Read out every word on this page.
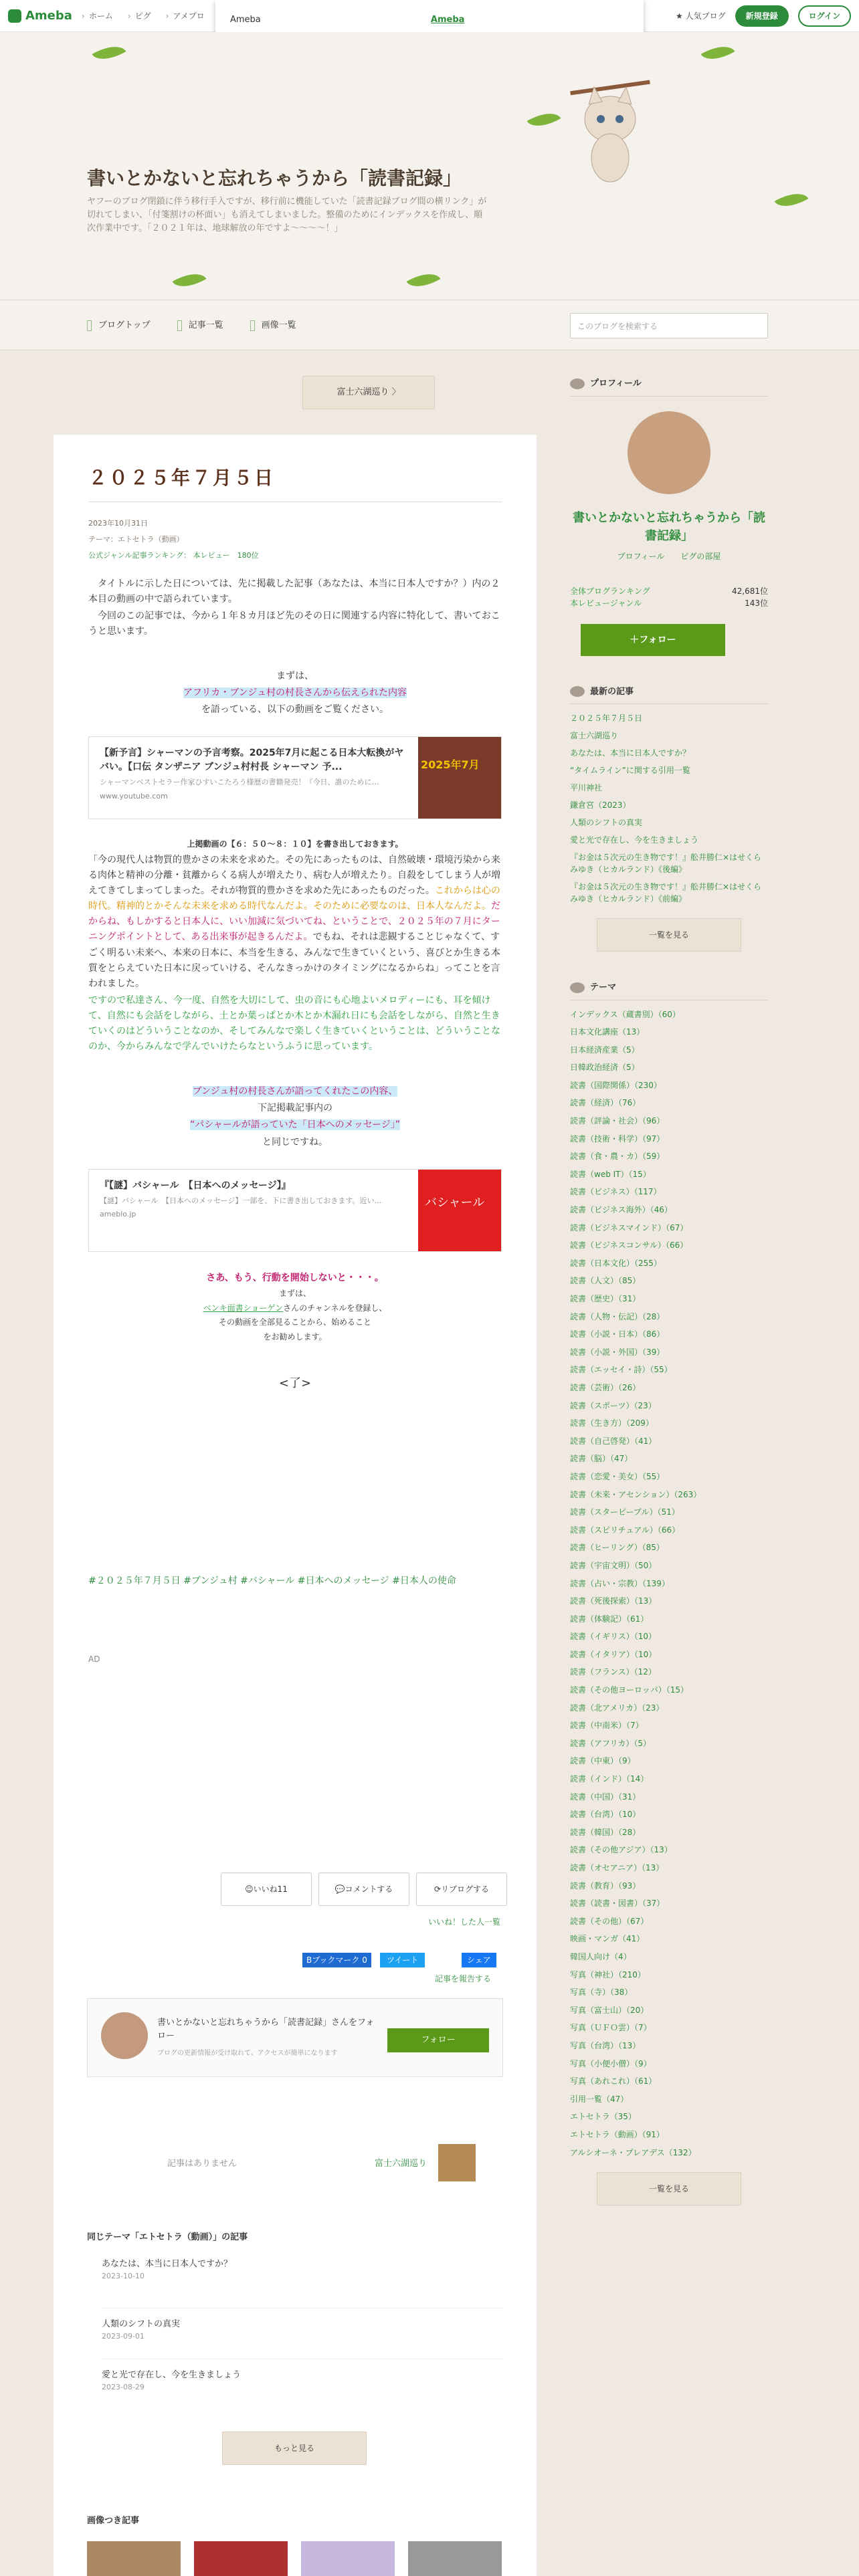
Ameba	› ホーム	› ピグ	› アメプロ	★ 人気ブログ	新規登録	ログイン
Ameba	Ameba
書いとかないと忘れちゃうから「読書記録」
ヤフーのブログ閉鎖に伴う移行手入ですが、移行前に機能していた「読書記録ブログ間の横リンク」が切れてしまい、「付箋割けの杯面い」も消えてしまいました。整備のためにインデックスを作成し、順次作業中です。「２０２１年は、地球解放の年ですよ～～～～！」
ブログトップ	記事一覧	画像一覧	このブログを検索する
富士六湖巡り 〉
２０２５年７月５日
2023年10月31日
テーマ：エトセトラ（動画）
公式ジャンル記事ランキング： 本レビュー　180位

　タイトルに示した日については、先に掲載した記事（あなたは、本当に日本人ですか？）内の２本目の動画の中で語られています。

　今回のこの記事では、今から１年８カ月ほど先のその日に関連する内容に特化して、書いておこうと思います。

まずは、

アフリカ・ブンジュ村の村長さんから伝えられた内容

を語っている、以下の動画をご覧ください。

【新予言】シャーマンの予言考察。2025年7月に起こる日本大転換がヤバい。【口伝 タンザニア ブンジュ村村長 シャーマン 予...
シャーマンベストセラー作家ひすいこたろう様歴の書籍発売！『今日、誰のために…
www.youtube.com
2025年7月

上掲動画の【６：５０～８：１０】を書き出しておきます。

「今の現代人は物質的豊かさの未来を求めた。その先にあったものは、自然破壊・環境汚染から来る肉体と精神の分離・貧離からくる病人が増えたり、病む人が増えたり。自殺をしてしまう人が増えてきてしまってしまった。それが物質的豊かさを求めた先にあったものだった。これからは心の時代。精神的とかそんな未来を求める時代なんだよ。そのために必要なのは、日本人なんだよ。だからね、もしかすると日本人に、いい加減に気づいてね、ということで、２０２５年の７月にターニングポイントとして、ある出来事が起きるんだよ。でもね、それは悲観することじゃなくて、すごく明るい未来へ、本来の日本に、本当を生きる、みんなで生きていくという、喜びとか生きる本質をとらえていた日本に戻っていける、そんなきっかけのタイミングになるからね」ってことを言われました。

ですので私達さん、今一度、自然を大切にして、虫の音にも心地よいメロディーにも、耳を傾けて、自然にも会話をしながら、土とか葉っぱとか木とか木漏れ日にも会話をしながら、自然と生きていくのはどういうことなのか、そしてみんなで楽しく生きていくということは、どういうことなのか、今からみんなで学んでいけたらなというふうに思っています。

ブンジュ村の村長さんが語ってくれたこの内容、

下記掲載記事内の

“パシャールが語っていた「日本へのメッセージ」”

と同じですね。

『【謎】バシャール　【日本へのメッセージ】』
【謎】バシャール　【日本へのメッセージ】一部を、下に書き出しておきます。近い...
ameblo.jp
バシャール

さあ、もう、行動を開始しないと・・・。

まずは、

ベンキ面書ショーゲンさんのチャンネルを登録し、

その動画を全部見ることから、始めること

をお勧めします。

<了>

#２０２５年７月５日 #ブンジュ村 #バシャール #日本へのメッセージ #日本人の使命
AD
☺ いいね 11	💬 コメントする	⟳ リブログする
いいね！した人一覧
Bブックマーク 0	ツイート	シェア
記事を報告する
書いとかないと忘れちゃうから「読書記録」さんをフォロー
ブログの更新情報が受け取れて、アクセスが簡単になります
フォロー
記事はありません	富士六湖巡り
同じテーマ「エトセトラ（動画）」の記事
あなたは、本当に日本人ですか？
2023-10-10
人類のシフトの真実
2023-09-01
愛と光で存在し、今を生きましょう
2023-08-29
もっと見る
画像つき記事
プロフィール
書いとかないと忘れちゃうから「読書記録」
プロフィール　　 ピグの部屋
全体ブログランキング	42,681位
本レビュージャンル	143位
＋フォロー
最新の記事
２０２５年７月５日
富士六湖巡り
あなたは、本当に日本人ですか？
“タイムライン”に関する引用一覧
平川神社
鎌倉宮（2023）
人類のシフトの真実
愛と光で存在し、今を生きましょう
『お金は５次元の生き物です！』舩井勝仁×はせくらみゆき（ヒカルランド）《後編》
『お金は５次元の生き物です！』舩井勝仁×はせくらみゆき（ヒカルランド）《前編》
一覧を見る
テーマ
インデックス（蔵書別）（60）
日本文化講座（13）
日本経済産業（5）
日韓政治経済（5）
読書（国際関係）（230）
読書（経済）（76）
読書（評論・社会）（96）
読書（技術・科学）（97）
読書（食・農・カ）（59）
読書（web IT）（15）
読書（ビジネス）（117）
読書（ビジネス海外）（46）
読書（ビジネスマインド）（67）
読書（ビジネスコンサル）（66）
読書（日本文化）（255）
読書（人文）（85）
読書（歴史）（31）
読書（人物・伝記）（28）
読書（小説・日本）（86）
読書（小説・外国）（39）
読書（エッセイ・詩）（55）
読書（芸術）（26）
読書（スポーツ）（23）
読書（生き方）（209）
読書（自己啓発）（41）
読書（脳）（47）
読書（恋愛・美女）（55）
読書（未来・アセンション）（263）
読書（スターピープル）（51）
読書（スピリチュアル）（66）
読書（ヒーリング）（85）
読書（宇宙文明）（50）
読書（占い・宗教）（139）
読書（死後探索）（13）
読書（体験記）（61）
読書（イギリス）（10）
読書（イタリア）（10）
読書（フランス）（12）
読書（その他ヨーロッパ）（15）
読書（北アメリカ）（23）
読書（中南米）（7）
読書（アフリカ）（5）
読書（中東）（9）
読書（インド）（14）
読書（中国）（31）
読書（台湾）（10）
読書（韓国）（28）
読書（その他アジア）（13）
読書（オセアニア）（13）
読書（教育）（93）
読書（読書・図書）（37）
読書（その他）（67）
映画・マンガ（41）
韓国人向け（4）
写真（神社）（210）
写真（寺）（38）
写真（富士山）（20）
写真（ＵＦＯ雲）（7）
写真（台湾）（13）
写真（小便小僧）（9）
写真（あれこれ）（61）
引用一覧（47）
エトセトラ（35）
エトセトラ（動画）（91）
アルシオーネ・プレアデス（132）
一覧を見る
